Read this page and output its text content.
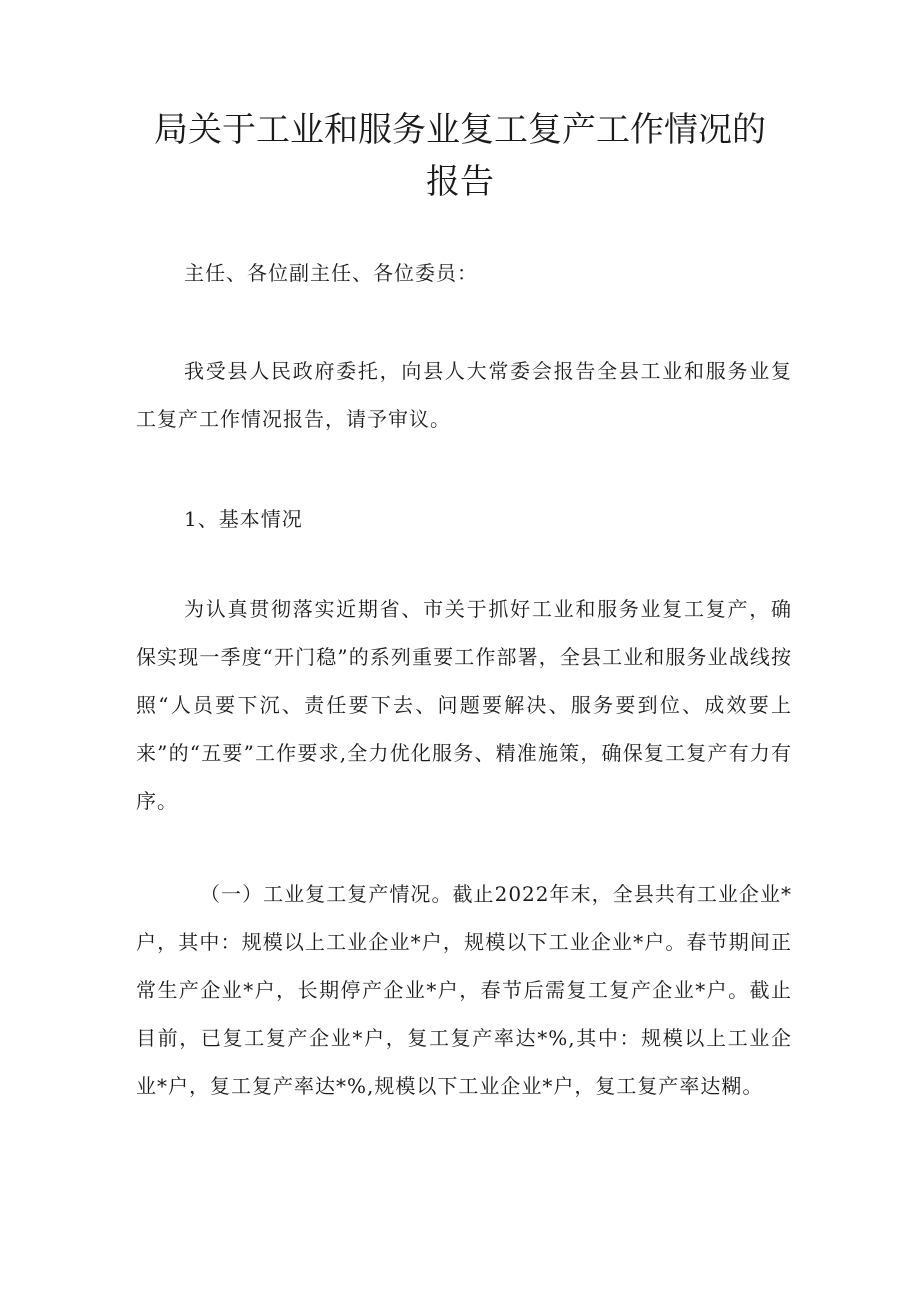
局关于工业和服务业复工复产工作情况的
报告

主任、各位副主任、各位委员：

我受县人民政府委托，向县人大常委会报告全县工业和服务业复工复产工作情况报告，请予审议。

1、基本情况

为认真贯彻落实近期省、市关于抓好工业和服务业复工复产，确保实现一季度“开门稳”的系列重要工作部署，全县工业和服务业战线按照“人员要下沉、责任要下去、问题要解决、服务要到位、成效要上来”的“五要”工作要求,全力优化服务、精准施策，确保复工复产有力有序。

（一）工业复工复产情况。截止2022年末，全县共有工业企业*户，其中：规模以上工业企业*户，规模以下工业企业*户。春节期间正常生产企业*户，长期停产企业*户，春节后需复工复产企业*户。截止目前，已复工复产企业*户，复工复产率达*%,其中：规模以上工业企业*户，复工复产率达*%,规模以下工业企业*户，复工复产率达糊。
